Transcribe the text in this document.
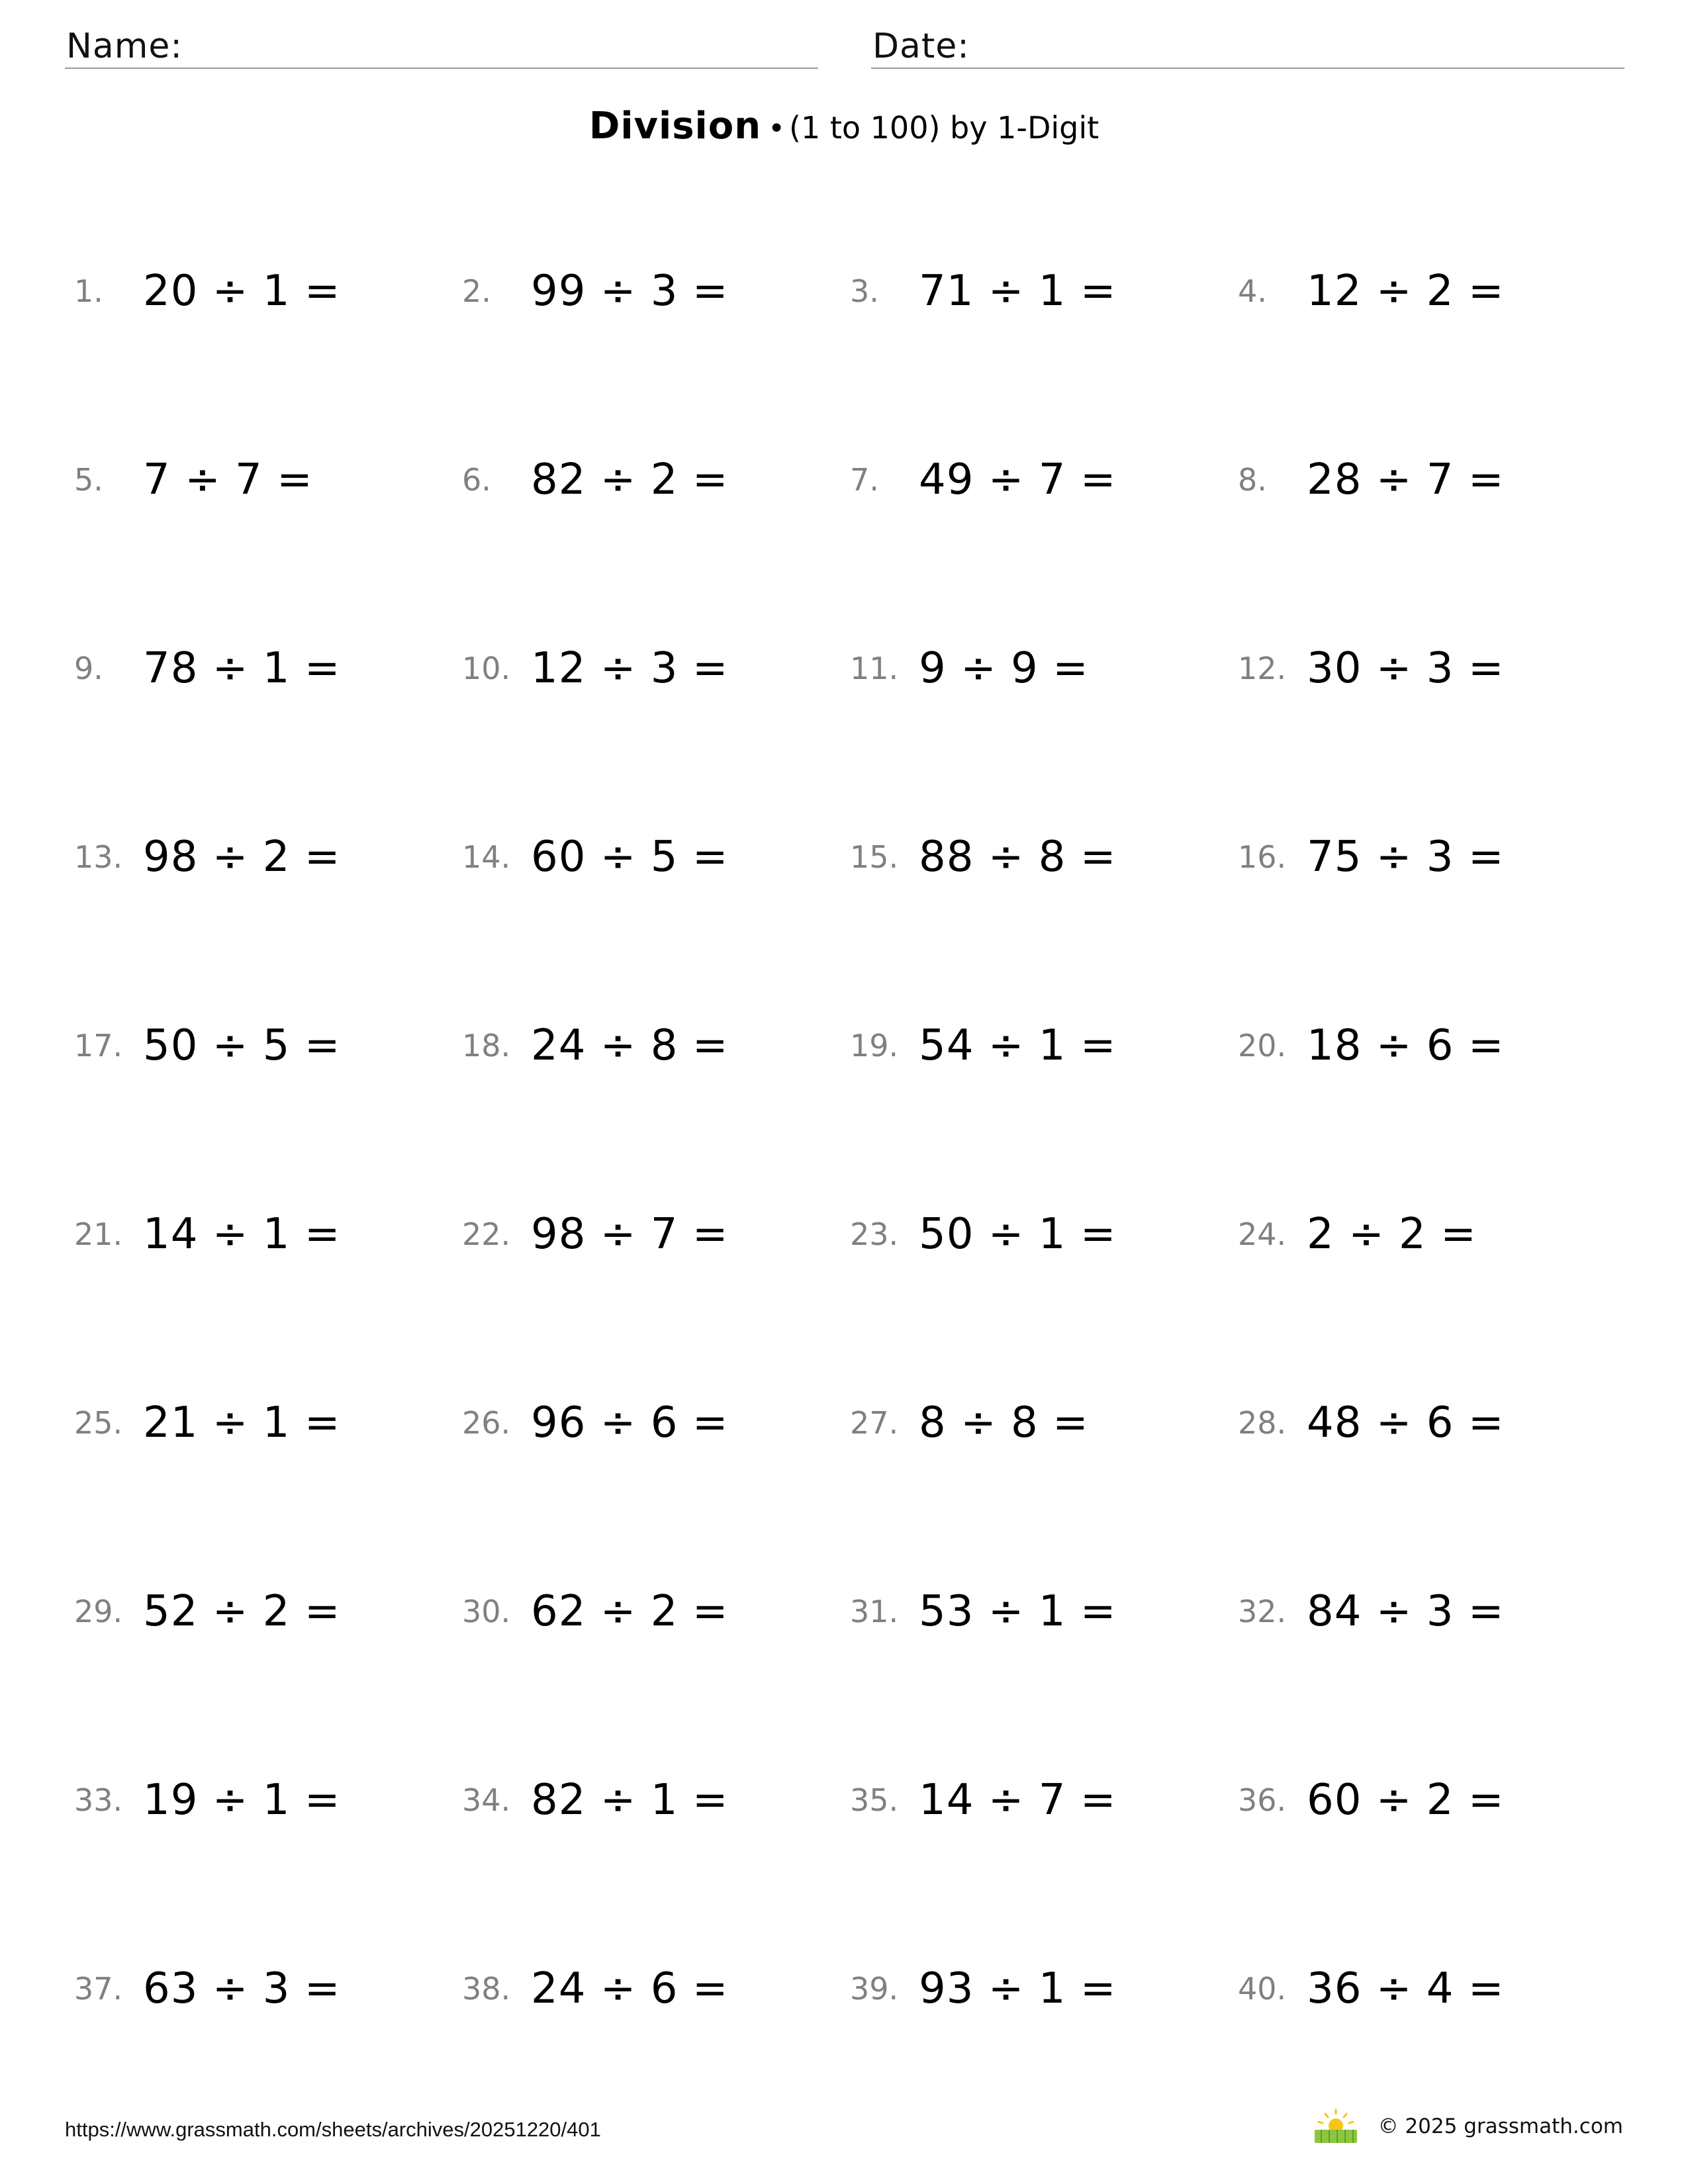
Name:	Date:
Division • (1 to 100) by 1-Digit
1. 20 ÷ 1 =	2. 99 ÷ 3 =	3. 71 ÷ 1 =	4. 12 ÷ 2 =
5. 7 ÷ 7 =	6. 82 ÷ 2 =	7. 49 ÷ 7 =	8. 28 ÷ 7 =
9. 78 ÷ 1 =	10. 12 ÷ 3 =	11. 9 ÷ 9 =	12. 30 ÷ 3 =
13. 98 ÷ 2 =	14. 60 ÷ 5 =	15. 88 ÷ 8 =	16. 75 ÷ 3 =
17. 50 ÷ 5 =	18. 24 ÷ 8 =	19. 54 ÷ 1 =	20. 18 ÷ 6 =
21. 14 ÷ 1 =	22. 98 ÷ 7 =	23. 50 ÷ 1 =	24. 2 ÷ 2 =
25. 21 ÷ 1 =	26. 96 ÷ 6 =	27. 8 ÷ 8 =	28. 48 ÷ 6 =
29. 52 ÷ 2 =	30. 62 ÷ 2 =	31. 53 ÷ 1 =	32. 84 ÷ 3 =
33. 19 ÷ 1 =	34. 82 ÷ 1 =	35. 14 ÷ 7 =	36. 60 ÷ 2 =
37. 63 ÷ 3 =	38. 24 ÷ 6 =	39. 93 ÷ 1 =	40. 36 ÷ 4 =
https://www.grassmath.com/sheets/archives/20251220/401	© 2025 grassmath.com
